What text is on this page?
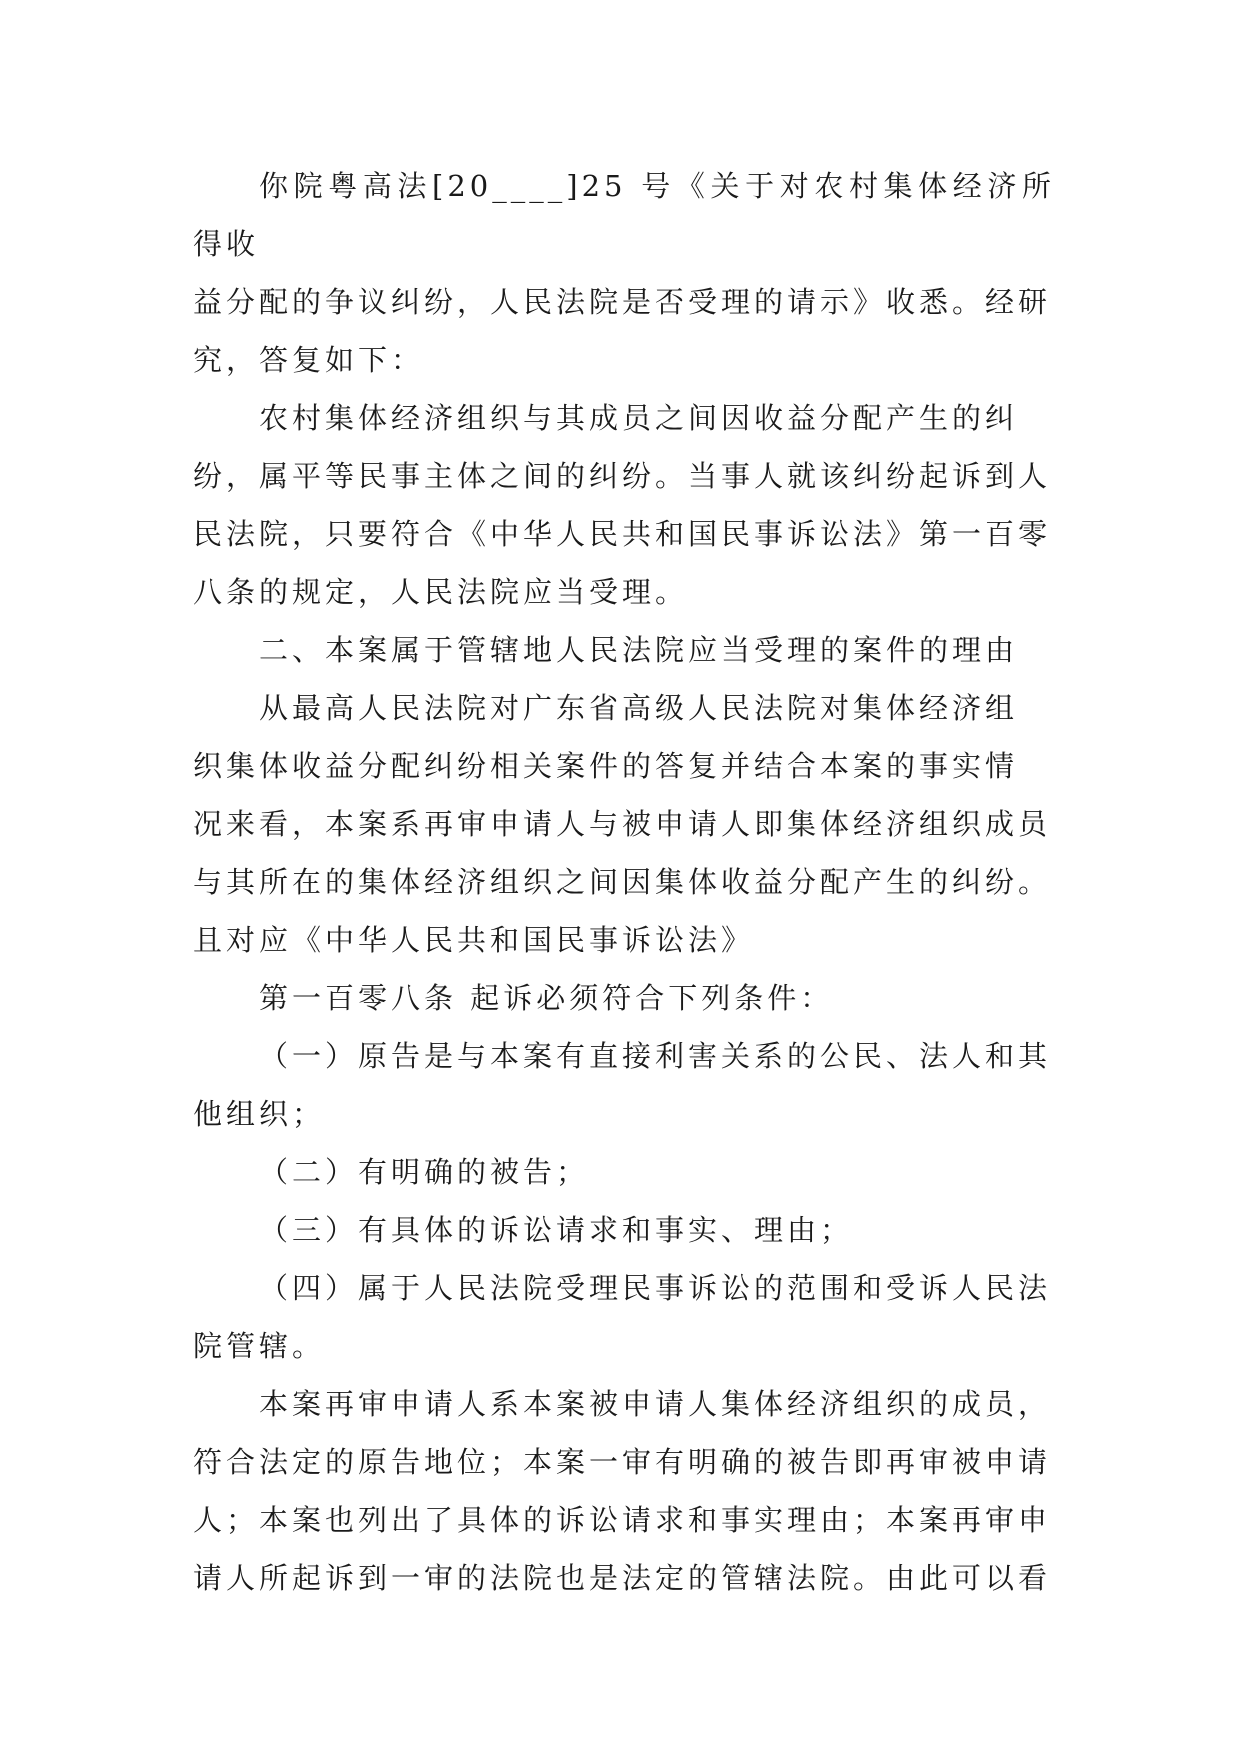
你院粤高法[20____]25 号《关于对农村集体经济所得收
益分配的争议纠纷，人民法院是否受理的请示》收悉。经研
究，答复如下：

农村集体经济组织与其成员之间因收益分配产生的纠
纷，属平等民事主体之间的纠纷。当事人就该纠纷起诉到人
民法院，只要符合《中华人民共和国民事诉讼法》第一百零
八条的规定，人民法院应当受理。

二、本案属于管辖地人民法院应当受理的案件的理由

从最高人民法院对广东省高级人民法院对集体经济组
织集体收益分配纠纷相关案件的答复并结合本案的事实情
况来看，本案系再审申请人与被申请人即集体经济组织成员
与其所在的集体经济组织之间因集体收益分配产生的纠纷。
且对应《中华人民共和国民事诉讼法》

第一百零八条 起诉必须符合下列条件：

（一）原告是与本案有直接利害关系的公民、法人和其
他组织；

（二）有明确的被告；

（三）有具体的诉讼请求和事实、理由；

（四）属于人民法院受理民事诉讼的范围和受诉人民法
院管辖。

本案再审申请人系本案被申请人集体经济组织的成员，
符合法定的原告地位；本案一审有明确的被告即再审被申请
人；本案也列出了具体的诉讼请求和事实理由；本案再审申
请人所起诉到一审的法院也是法定的管辖法院。由此可以看
